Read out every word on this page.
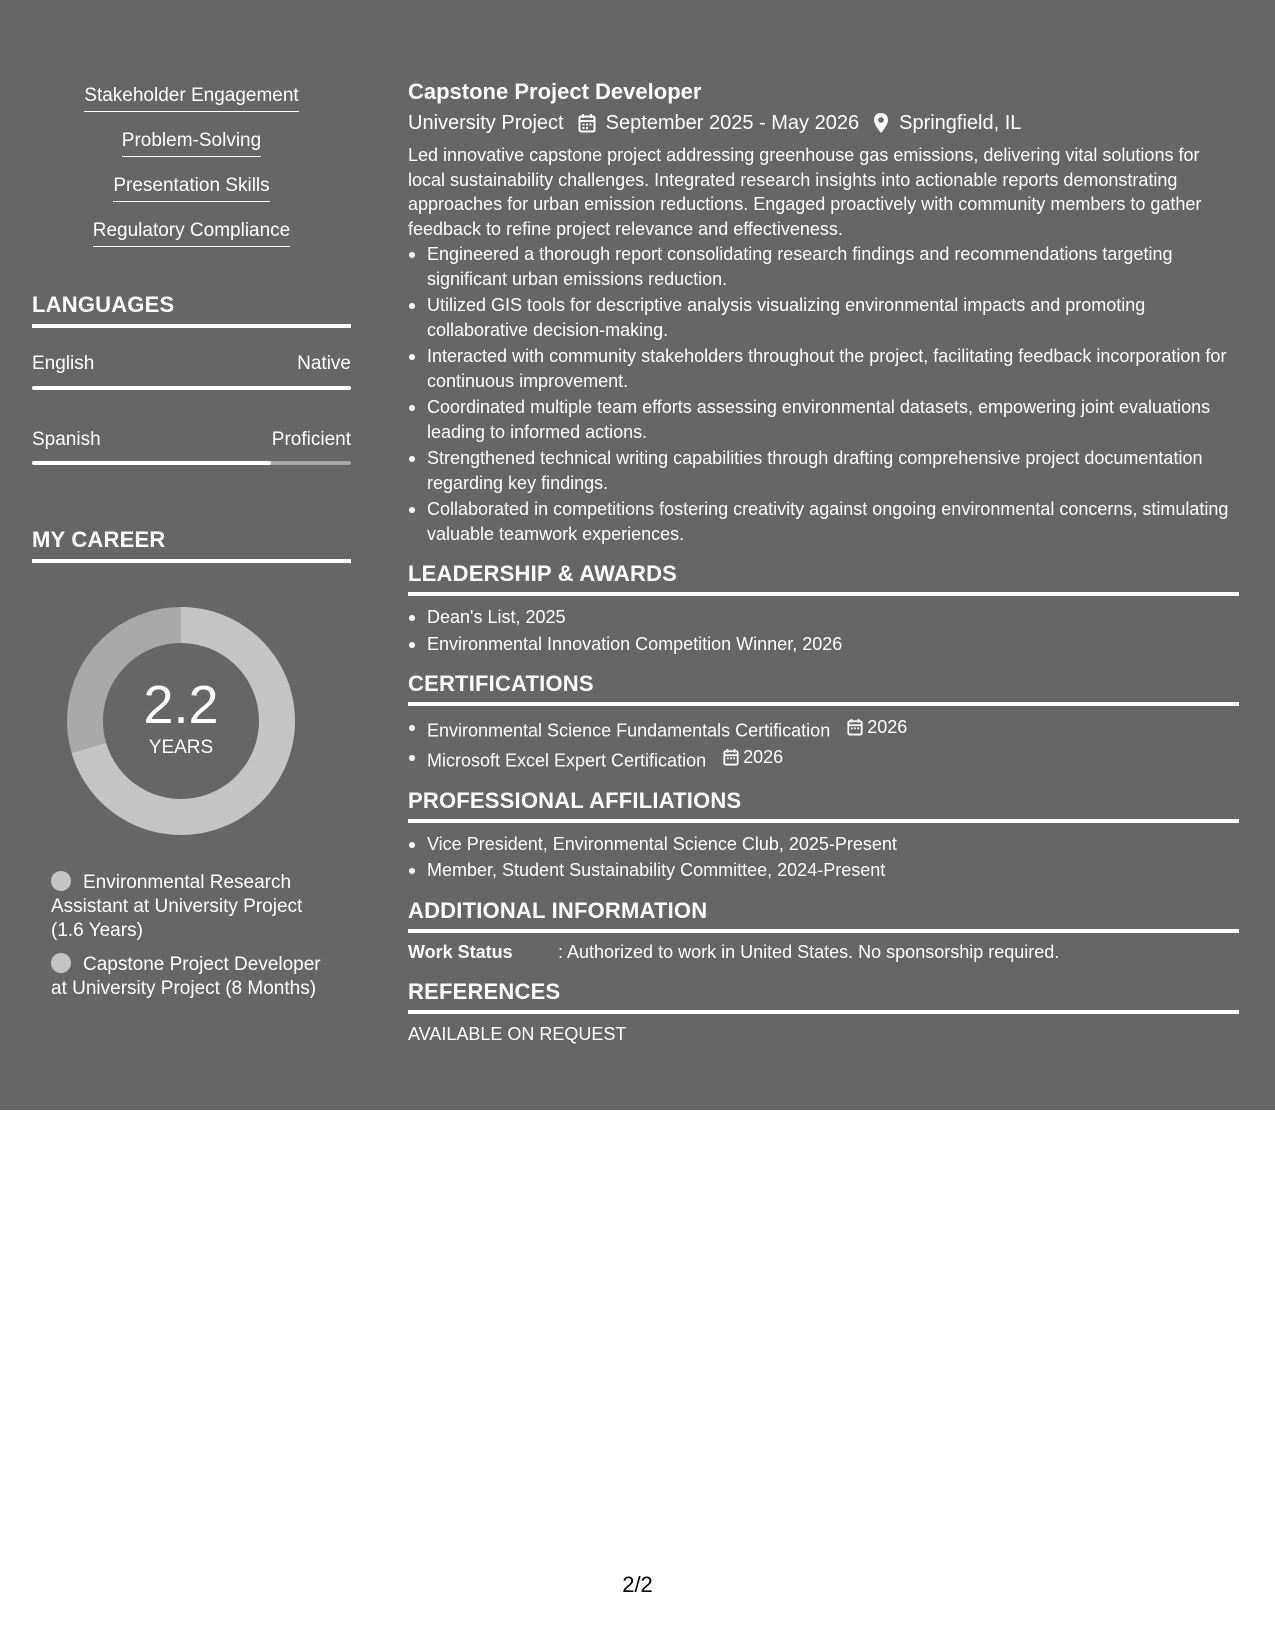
Stakeholder Engagement
Problem-Solving
Presentation Skills
Regulatory Compliance
LANGUAGES
English	Native
Spanish	Proficient
MY CAREER
2.2
YEARS
Environmental Research Assistant at University Project (1.6 Years)
Capstone Project Developer at University Project (8 Months)
Capstone Project Developer
University Project September 2025 - May 2026 Springfield, IL

Led innovative capstone project addressing greenhouse gas emissions, delivering vital solutions for local sustainability challenges. Integrated research insights into actionable reports demonstrating approaches for urban emission reductions. Engaged proactively with community members to gather feedback to refine project relevance and effectiveness.

Engineered a thorough report consolidating research findings and recommendations targeting significant urban emissions reduction.
Utilized GIS tools for descriptive analysis visualizing environmental impacts and promoting collaborative decision-making.
Interacted with community stakeholders throughout the project, facilitating feedback incorporation for continuous improvement.
Coordinated multiple team efforts assessing environmental datasets, empowering joint evaluations leading to informed actions.
Strengthened technical writing capabilities through drafting comprehensive project documentation regarding key findings.
Collaborated in competitions fostering creativity against ongoing environmental concerns, stimulating valuable teamwork experiences.
LEADERSHIP & AWARDS
Dean's List, 2025
Environmental Innovation Competition Winner, 2026
CERTIFICATIONS
Environmental Science Fundamentals Certification 2026
Microsoft Excel Expert Certification 2026
PROFESSIONAL AFFILIATIONS
Vice President, Environmental Science Club, 2025-Present
Member, Student Sustainability Committee, 2024-Present
ADDITIONAL INFORMATION
Work Status	: Authorized to work in United States. No sponsorship required.
REFERENCES
AVAILABLE ON REQUEST
2/2
